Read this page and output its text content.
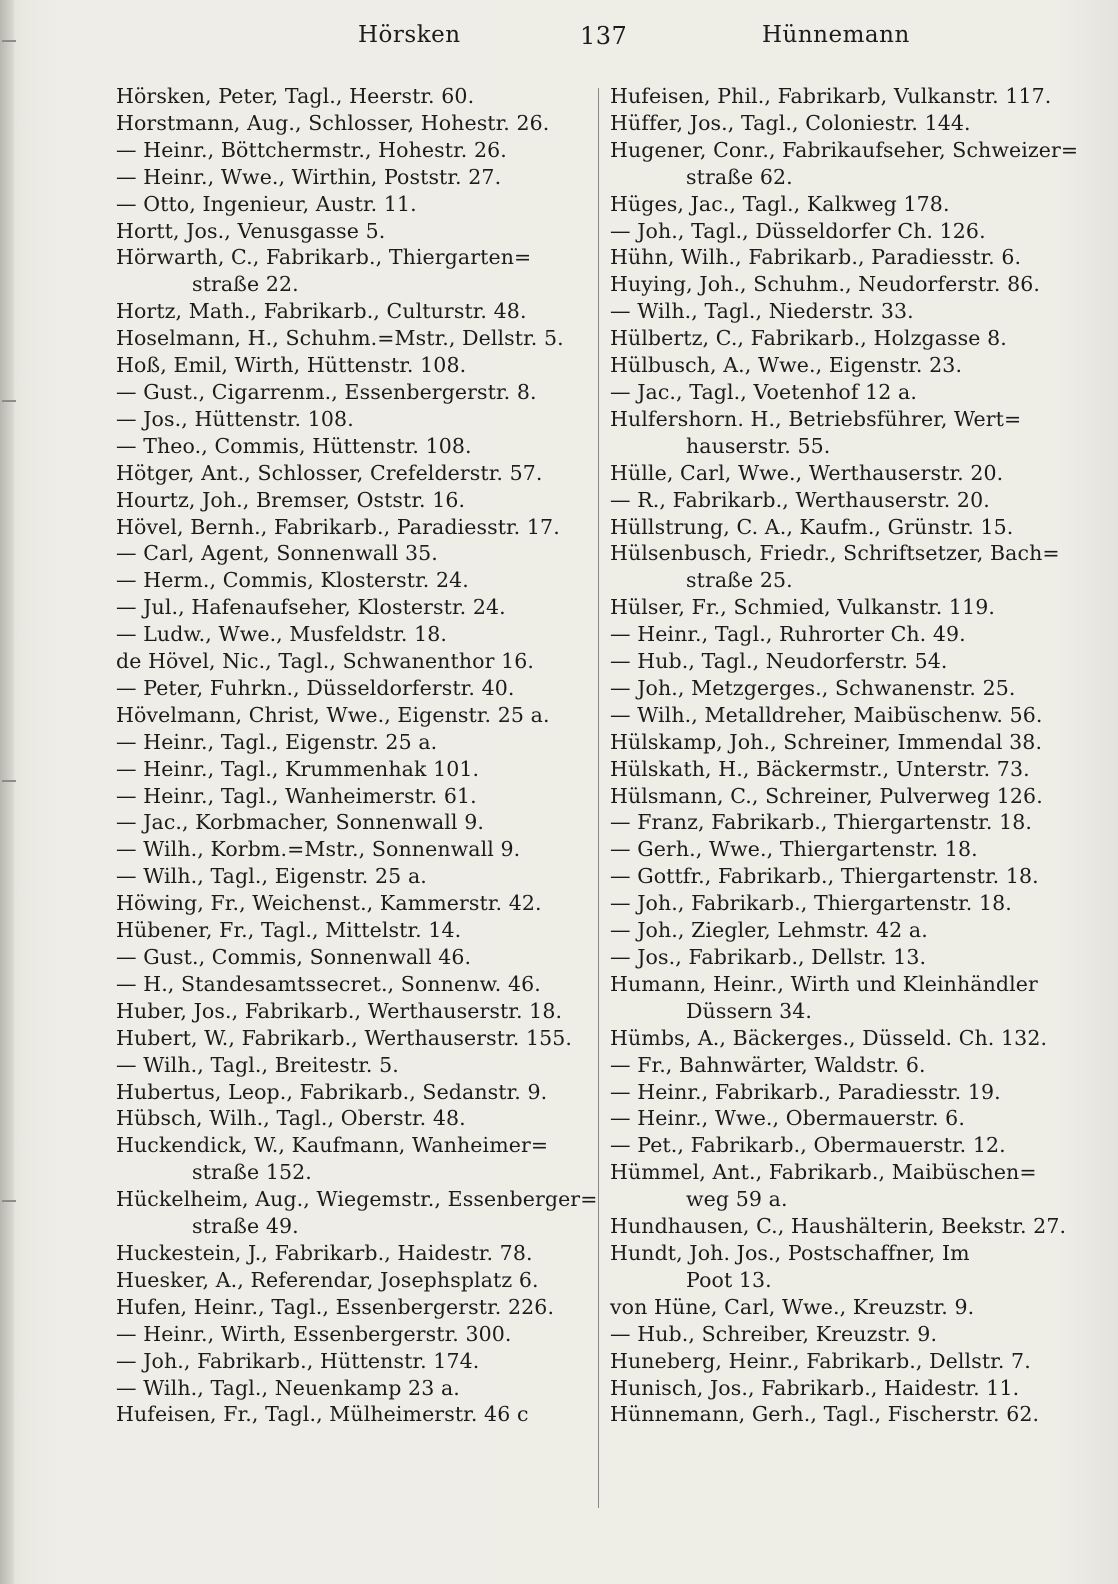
Hörsken	137	Hünnemann
Hörsken, Peter, Tagl., Heerstr. 60.
Horstmann, Aug., Schlosser, Hohestr. 26.
— Heinr., Böttchermstr., Hohestr. 26.
— Heinr., Wwe., Wirthin, Poststr. 27.
— Otto, Ingenieur, Austr. 11.
Hortt, Jos., Venusgasse 5.
Hörwarth, C., Fabrikarb., Thiergarten=
straße 22.
Hortz, Math., Fabrikarb., Culturstr. 48.
Hoselmann, H., Schuhm.=Mstr., Dellstr. 5.
Hoß, Emil, Wirth, Hüttenstr. 108.
— Gust., Cigarrenm., Essenbergerstr. 8.
— Jos., Hüttenstr. 108.
— Theo., Commis, Hüttenstr. 108.
Hötger, Ant., Schlosser, Crefelderstr. 57.
Hourtz, Joh., Bremser, Oststr. 16.
Hövel, Bernh., Fabrikarb., Paradiesstr. 17.
— Carl, Agent, Sonnenwall 35.
— Herm., Commis, Klosterstr. 24.
— Jul., Hafenaufseher, Klosterstr. 24.
— Ludw., Wwe., Musfeldstr. 18.
de Hövel, Nic., Tagl., Schwanenthor 16.
— Peter, Fuhrkn., Düsseldorferstr. 40.
Hövelmann, Christ, Wwe., Eigenstr. 25 a.
— Heinr., Tagl., Eigenstr. 25 a.
— Heinr., Tagl., Krummenhak 101.
— Heinr., Tagl., Wanheimerstr. 61.
— Jac., Korbmacher, Sonnenwall 9.
— Wilh., Korbm.=Mstr., Sonnenwall 9.
— Wilh., Tagl., Eigenstr. 25 a.
Höwing, Fr., Weichenst., Kammerstr. 42.
Hübener, Fr., Tagl., Mittelstr. 14.
— Gust., Commis, Sonnenwall 46.
— H., Standesamtssecret., Sonnenw. 46.
Huber, Jos., Fabrikarb., Werthauserstr. 18.
Hubert, W., Fabrikarb., Werthauserstr. 155.
— Wilh., Tagl., Breitestr. 5.
Hubertus, Leop., Fabrikarb., Sedanstr. 9.
Hübsch, Wilh., Tagl., Oberstr. 48.
Huckendick, W., Kaufmann, Wanheimer=
straße 152.
Hückelheim, Aug., Wiegemstr., Essenberger=
straße 49.
Huckestein, J., Fabrikarb., Haidestr. 78.
Huesker, A., Referendar, Josephsplatz 6.
Hufen, Heinr., Tagl., Essenbergerstr. 226.
— Heinr., Wirth, Essenbergerstr. 300.
— Joh., Fabrikarb., Hüttenstr. 174.
— Wilh., Tagl., Neuenkamp 23 a.
Hufeisen, Fr., Tagl., Mülheimerstr. 46 c
Hufeisen, Phil., Fabrikarb, Vulkanstr. 117.
Hüffer, Jos., Tagl., Coloniestr. 144.
Hugener, Conr., Fabrikaufseher, Schweizer=
straße 62.
Hüges, Jac., Tagl., Kalkweg 178.
— Joh., Tagl., Düsseldorfer Ch. 126.
Hühn, Wilh., Fabrikarb., Paradiesstr. 6.
Huying, Joh., Schuhm., Neudorferstr. 86.
— Wilh., Tagl., Niederstr. 33.
Hülbertz, C., Fabrikarb., Holzgasse 8.
Hülbusch, A., Wwe., Eigenstr. 23.
— Jac., Tagl., Voetenhof 12 a.
Hulfershorn. H., Betriebsführer, Wert=
hauserstr. 55.
Hülle, Carl, Wwe., Werthauserstr. 20.
— R., Fabrikarb., Werthauserstr. 20.
Hüllstrung, C. A., Kaufm., Grünstr. 15.
Hülsenbusch, Friedr., Schriftsetzer, Bach=
straße 25.
Hülser, Fr., Schmied, Vulkanstr. 119.
— Heinr., Tagl., Ruhrorter Ch. 49.
— Hub., Tagl., Neudorferstr. 54.
— Joh., Metzgerges., Schwanenstr. 25.
— Wilh., Metalldreher, Maibüschenw. 56.
Hülskamp, Joh., Schreiner, Immendal 38.
Hülskath, H., Bäckermstr., Unterstr. 73.
Hülsmann, C., Schreiner, Pulverweg 126.
— Franz, Fabrikarb., Thiergartenstr. 18.
— Gerh., Wwe., Thiergartenstr. 18.
— Gottfr., Fabrikarb., Thiergartenstr. 18.
— Joh., Fabrikarb., Thiergartenstr. 18.
— Joh., Ziegler, Lehmstr. 42 a.
— Jos., Fabrikarb., Dellstr. 13.
Humann, Heinr., Wirth und Kleinhändler
Düssern 34.
Hümbs, A., Bäckerges., Düsseld. Ch. 132.
— Fr., Bahnwärter, Waldstr. 6.
— Heinr., Fabrikarb., Paradiesstr. 19.
— Heinr., Wwe., Obermauerstr. 6.
— Pet., Fabrikarb., Obermauerstr. 12.
Hümmel, Ant., Fabrikarb., Maibüschen=
weg 59 a.
Hundhausen, C., Haushälterin, Beekstr. 27.
Hundt, Joh. Jos., Postschaffner, Im
Poot 13.
von Hüne, Carl, Wwe., Kreuzstr. 9.
— Hub., Schreiber, Kreuzstr. 9.
Huneberg, Heinr., Fabrikarb., Dellstr. 7.
Hunisch, Jos., Fabrikarb., Haidestr. 11.
Hünnemann, Gerh., Tagl., Fischerstr. 62.
